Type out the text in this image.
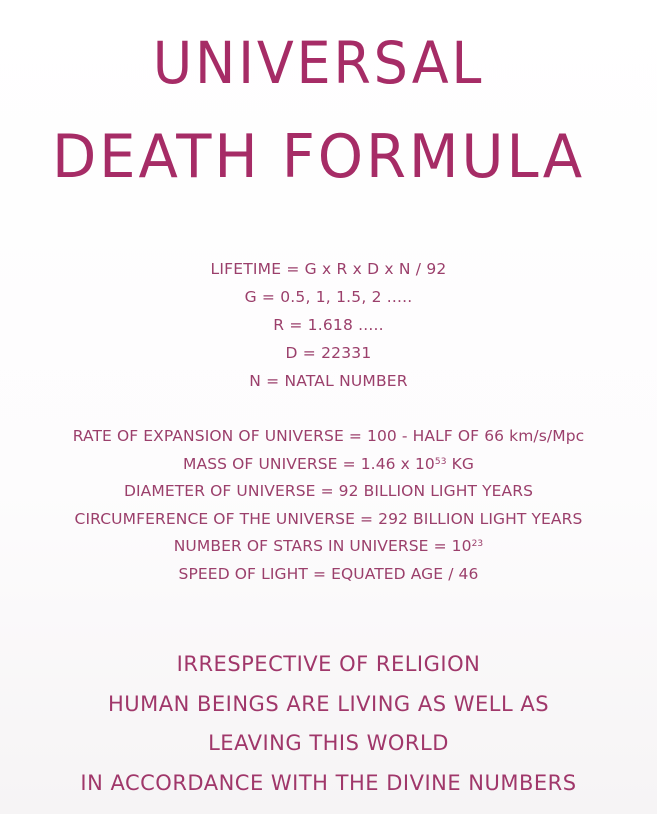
UNIVERSAL
DEATH FORMULA
LIFETIME = G x R x D x N / 92
G = 0.5, 1, 1.5, 2 .....
R = 1.618 .....
D = 22331
N = NATAL NUMBER
RATE OF EXPANSION OF UNIVERSE = 100 - HALF OF 66 km/s/Mpc
MASS OF UNIVERSE = 1.46 x $10^{53}$ KG
DIAMETER OF UNIVERSE = 92 BILLION LIGHT YEARS
CIRCUMFERENCE OF THE UNIVERSE = 292 BILLION LIGHT YEARS
NUMBER OF STARS IN UNIVERSE = $10^{23}$
SPEED OF LIGHT = EQUATED AGE / 46
IRRESPECTIVE OF RELIGION
HUMAN BEINGS ARE LIVING AS WELL AS
LEAVING THIS WORLD
IN ACCORDANCE WITH THE DIVINE NUMBERS
